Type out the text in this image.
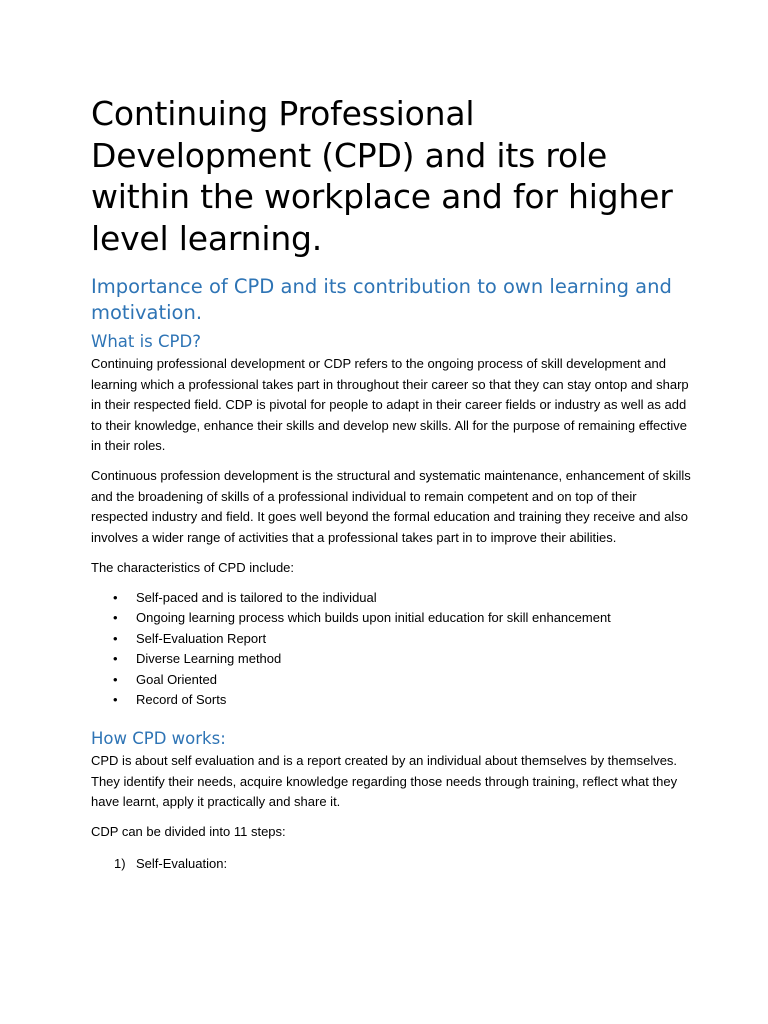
Continuing Professional Development (CPD) and its role within the workplace and for higher level learning.
Importance of CPD and its contribution to own learning and motivation.
What is CPD?

Continuing professional development or CDP refers to the ongoing process of skill development and learning which a professional takes part in throughout their career so that they can stay ontop and sharp in their respected field. CDP is pivotal for people to adapt in their career fields or industry as well as add to their knowledge, enhance their skills and develop new skills. All for the purpose of remaining effective in their roles.

Continuous profession development is the structural and systematic maintenance, enhancement of skills and the broadening of skills of a professional individual to remain competent and on top of their respected industry and field. It goes well beyond the formal education and training they receive and also involves a wider range of activities that a professional takes part in to improve their abilities.

The characteristics of CPD include:

• Self-paced and is tailored to the individual
• Ongoing learning process which builds upon initial education for skill enhancement
• Self-Evaluation Report
• Diverse Learning method
• Goal Oriented
• Record of Sorts
How CPD works:

CPD is about self evaluation and is a report created by an individual about themselves by themselves. They identify their needs, acquire knowledge regarding those needs through training, reflect what they have learnt, apply it practically and share it.

CDP can be divided into 11 steps:

1) Self-Evaluation:
